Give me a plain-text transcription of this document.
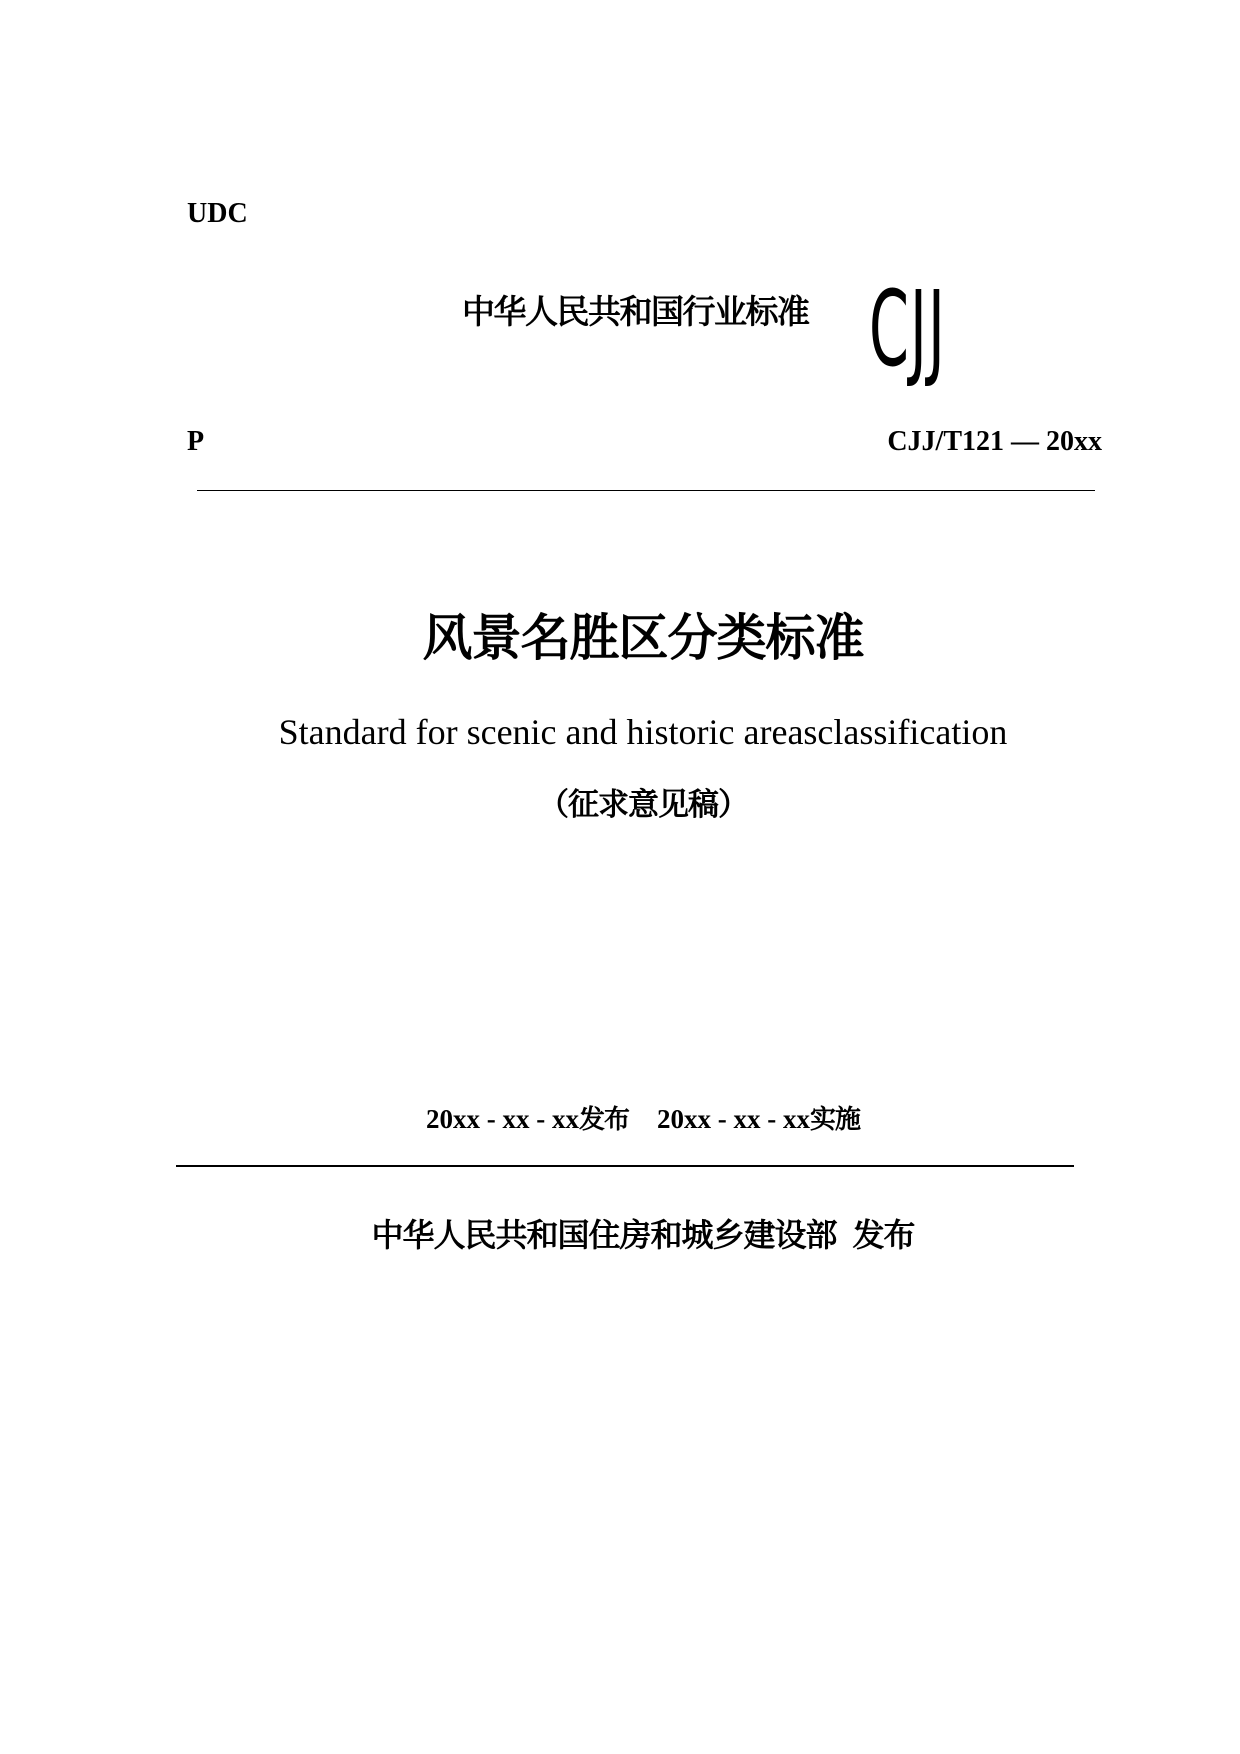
UDC
中华人民共和国行业标准 CJJ
P	CJJ/T121 — 20xx
风景名胜区分类标准
Standard for scenic and historic areasclassification
（征求意见稿）
20xx - xx - xx发布 20xx - xx - xx实施
中华人民共和国住房和城乡建设部 发布
